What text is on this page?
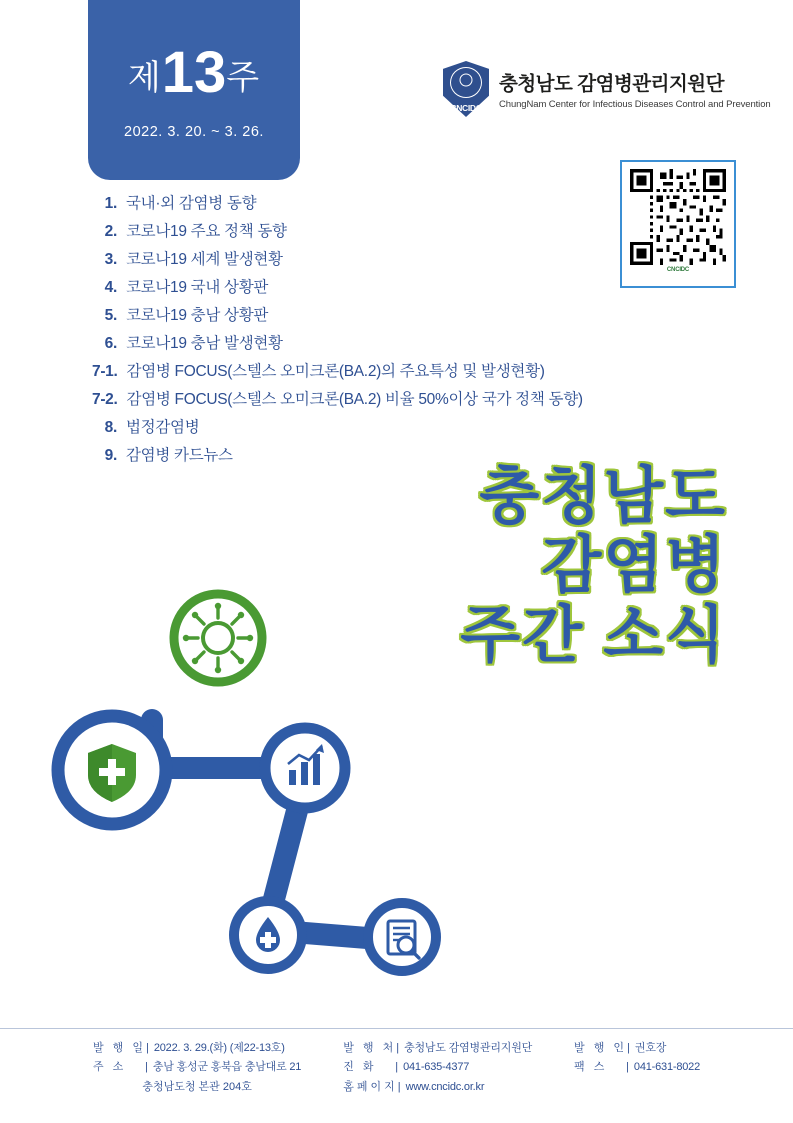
제13주
2022. 3. 20. ~ 3. 26.
CNCIDC
충청남도 감염병관리지원단
ChungNam Center for Infectious Diseases Control and Prevention
CNCIDC
1. 국내·외 감염병 동향
2. 코로나19 주요 정책 동향
3. 코로나19 세계 발생현황
4. 코로나19 국내 상황판
5. 코로나19 충남 상황판
6. 코로나19 충남 발생현황
7-1. 감염병 FOCUS(스텔스 오미크론(BA.2)의 주요특성 및 발생현황)
7-2. 감염병 FOCUS(스텔스 오미크론(BA.2) 비율 50%이상 국가 정책 동향)
8. 법정감염병
9. 감염병 카드뉴스
충청남도
감염병
주간 소식
발 행 일 | 2022. 3. 29.(화) (제22-13호)
주 소	| 충남 홍성군 홍북읍 충남대로 21
충청남도청 본관 204호
발 행 처 | 충청남도 감염병관리지원단
진 화	| 041-635-4377
홈페이지 | www.cncidc.or.kr
발 행 인 | 권호장
팩 스	| 041-631-8022
